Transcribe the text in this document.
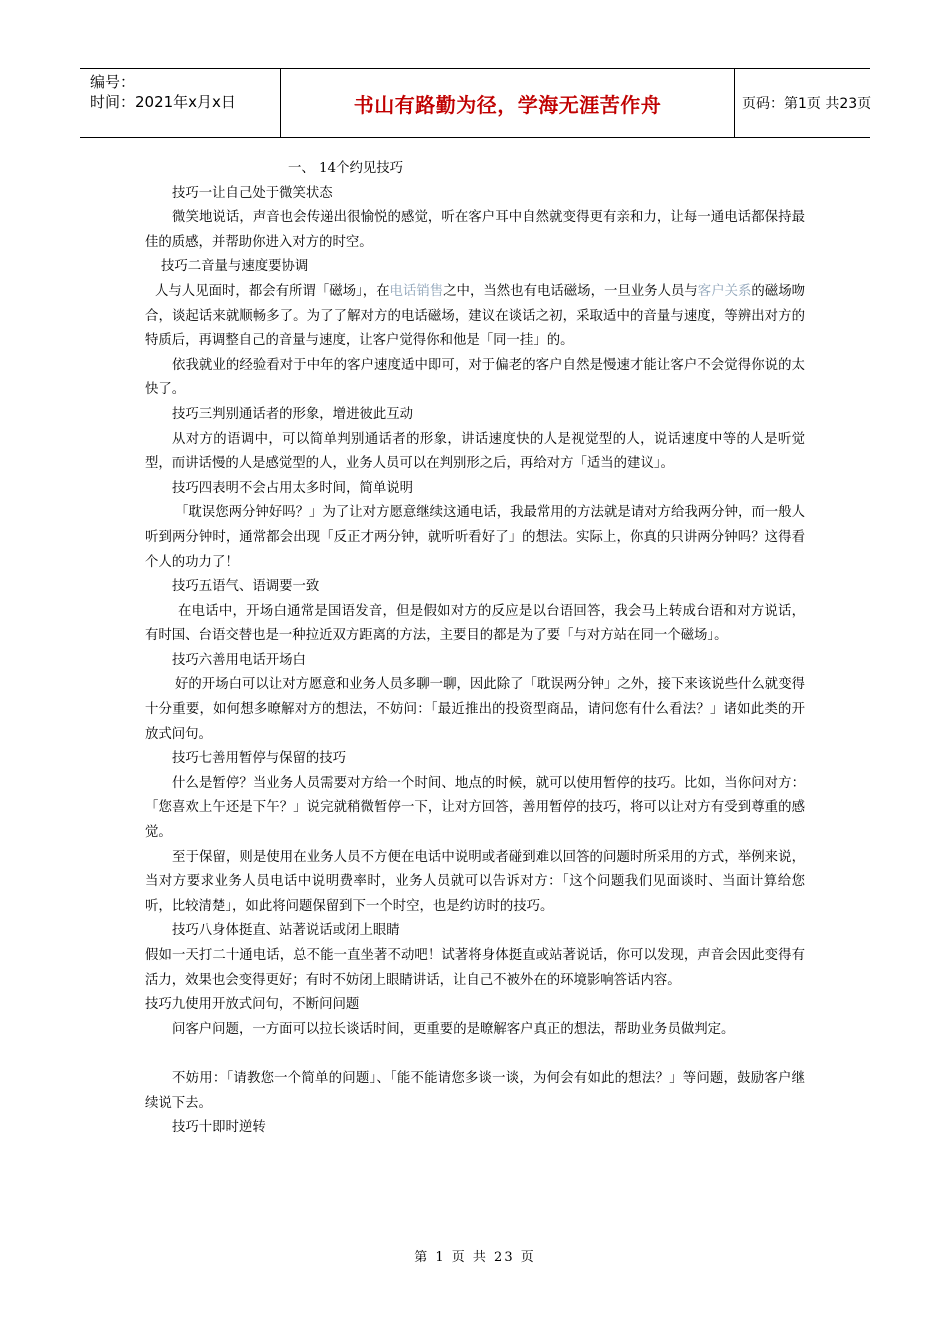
编号：
时间：2021年x月x日	书山有路勤为径，学海无涯苦作舟	页码：第1页 共23页

一、 14个约见技巧

技巧一让自己处于微笑状态

微笑地说话，声音也会传递出很愉悦的感觉，听在客户耳中自然就变得更有亲和力，让每一通电话都保持最佳的质感，并帮助你进入对方的时空。

技巧二音量与速度要协调

人与人见面时，都会有所谓「磁场」，在电话销售之中，当然也有电话磁场，一旦业务人员与客户关系的磁场吻合，谈起话来就顺畅多了。为了了解对方的电话磁场，建议在谈话之初，采取适中的音量与速度，等辨出对方的特质后，再调整自己的音量与速度，让客户觉得你和他是「同一挂」的。

依我就业的经验看对于中年的客户速度适中即可，对于偏老的客户自然是慢速才能让客户不会觉得你说的太快了。

技巧三判别通话者的形象，增进彼此互动

从对方的语调中，可以简单判别通话者的形象，讲话速度快的人是视觉型的人，说话速度中等的人是听觉型，而讲话慢的人是感觉型的人，业务人员可以在判别形之后，再给对方「适当的建议」。

技巧四表明不会占用太多时间，简单说明

「耽误您两分钟好吗？」为了让对方愿意继续这通电话，我最常用的方法就是请对方给我两分钟，而一般人听到两分钟时，通常都会出现「反正才两分钟，就听听看好了」的想法。实际上，你真的只讲两分钟吗？这得看个人的功力了！

技巧五语气、语调要一致

在电话中，开场白通常是国语发音，但是假如对方的反应是以台语回答，我会马上转成台语和对方说话，有时国、台语交替也是一种拉近双方距离的方法，主要目的都是为了要「与对方站在同一个磁场」。

技巧六善用电话开场白

好的开场白可以让对方愿意和业务人员多聊一聊，因此除了「耽误两分钟」之外，接下来该说些什么就变得十分重要，如何想多暸解对方的想法，不妨问：「最近推出的投资型商品，请问您有什么看法？」诸如此类的开放式问句。

技巧七善用暂停与保留的技巧

什么是暂停？当业务人员需要对方给一个时间、地点的时候，就可以使用暂停的技巧。比如，当你问对方：「您喜欢上午还是下午？」说完就稍微暂停一下，让对方回答，善用暂停的技巧，将可以让对方有受到尊重的感觉。

至于保留，则是使用在业务人员不方便在电话中说明或者碰到难以回答的问题时所采用的方式，举例来说，当对方要求业务人员电话中说明费率时，业务人员就可以告诉对方：「这个问题我们见面谈时、当面计算给您听，比较清楚」，如此将问题保留到下一个时空，也是约访时的技巧。

技巧八身体挺直、站著说话或闭上眼睛

假如一天打二十通电话，总不能一直坐著不动吧！试著将身体挺直或站著说话，你可以发现，声音会因此变得有活力，效果也会变得更好；有时不妨闭上眼睛讲话，让自己不被外在的环境影响答话内容。

技巧九使用开放式问句，不断问问题

问客户问题，一方面可以拉长谈话时间，更重要的是暸解客户真正的想法，帮助业务员做判定。

不妨用：「请教您一个简单的问题」、「能不能请您多谈一谈，为何会有如此的想法？」等问题，鼓励客户继续说下去。

技巧十即时逆转

第 1 页 共 23 页
